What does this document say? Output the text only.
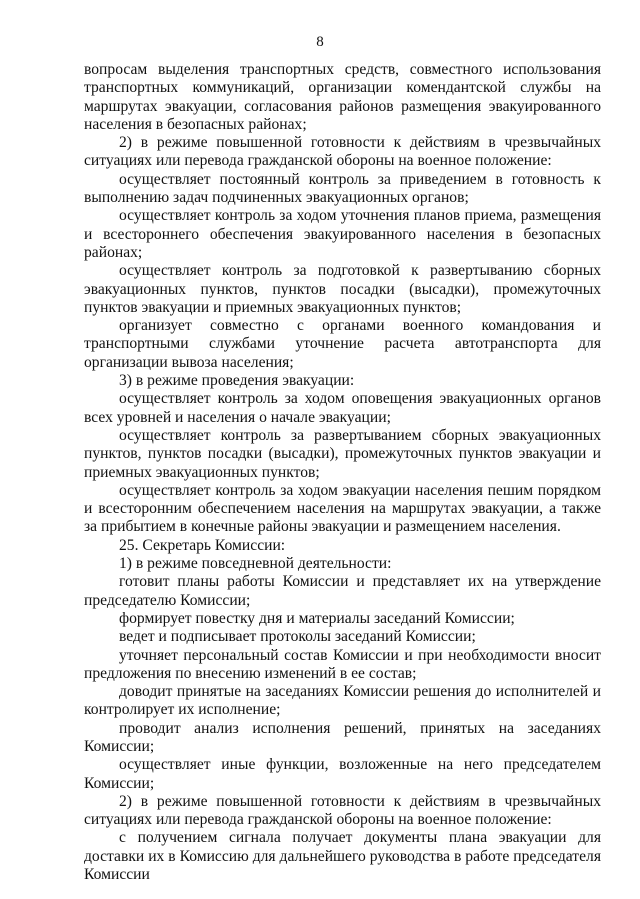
8

вопросам выделения транспортных средств, совместного использования транспортных коммуникаций, организации комендантской службы на маршрутах эвакуации, согласования районов размещения эвакуированного населения в безопасных районах;

2) в режиме повышенной готовности к действиям в чрезвычайных ситуациях или перевода гражданской обороны на военное положение:

осуществляет постоянный контроль за приведением в готовность к выполнению задач подчиненных эвакуационных органов;

осуществляет контроль за ходом уточнения планов приема, размещения и всестороннего обеспечения эвакуированного населения в безопасных районах;

осуществляет контроль за подготовкой к развертыванию сборных эвакуационных пунктов, пунктов посадки (высадки), промежуточных пунктов эвакуации и приемных эвакуационных пунктов;

организует совместно с органами военного командования и транспортными службами уточнение расчета автотранспорта для организации вывоза населения;

3) в режиме проведения эвакуации:

осуществляет контроль за ходом оповещения эвакуационных органов всех уровней и населения о начале эвакуации;

осуществляет контроль за развертыванием сборных эвакуационных пунктов, пунктов посадки (высадки), промежуточных пунктов эвакуации и приемных эвакуационных пунктов;

осуществляет контроль за ходом эвакуации населения пешим порядком и всесторонним обеспечением населения на маршрутах эвакуации, а также за прибытием в конечные районы эвакуации и размещением населения.

25. Секретарь Комиссии:

1) в режиме повседневной деятельности:

готовит планы работы Комиссии и представляет их на утверждение председателю Комиссии;

формирует повестку дня и материалы заседаний Комиссии;

ведет и подписывает протоколы заседаний Комиссии;

уточняет персональный состав Комиссии и при необходимости вносит предложения по внесению изменений в ее состав;

доводит принятые на заседаниях Комиссии решения до исполнителей и контролирует их исполнение;

проводит анализ исполнения решений, принятых на заседаниях Комиссии;

осуществляет иные функции, возложенные на него председателем Комиссии;

2) в режиме повышенной готовности к действиям в чрезвычайных ситуациях или перевода гражданской обороны на военное положение:

с получением сигнала получает документы плана эвакуации для доставки их в Комиссию для дальнейшего руководства в работе председателя Комиссии
